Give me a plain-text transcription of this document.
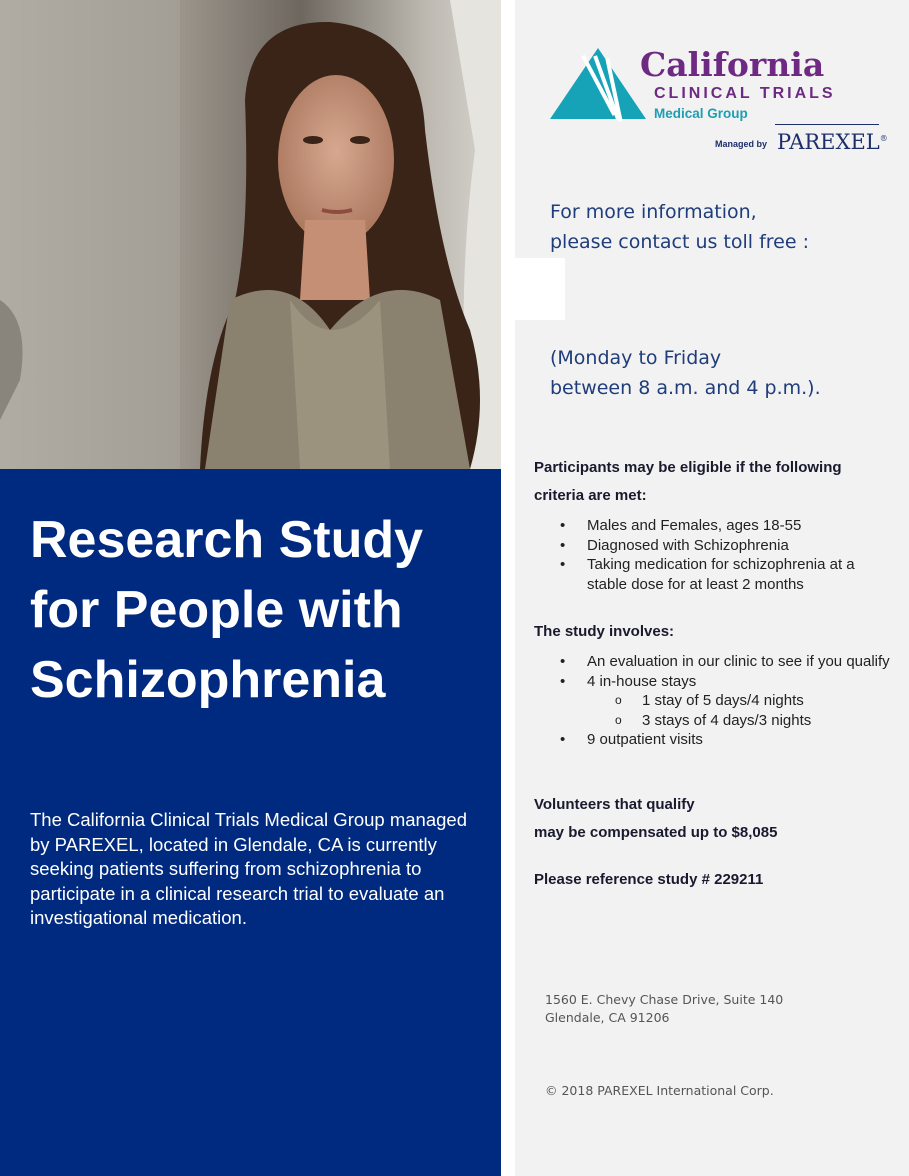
Research Study
for People with
Schizophrenia

The California Clinical Trials Medical Group managed by PAREXEL, located in Glendale, CA is currently seeking patients suffering from schizophrenia to participate in a clinical research trial to evaluate an investigational medication.

California

CLINICAL TRIALS

Medical Group

Managed by PAREXEL®

For more information,
please contact us toll free :

(Monday to Friday
between 8 a.m. and 4 p.m.).

Participants may be eligible if the following
criteria are met:

• Males and Females, ages 18-55
• Diagnosed with Schizophrenia
• Taking medication for schizophrenia at a stable dose for at least 2 months

The study involves:

• An evaluation in our clinic to see if you qualify
• 4 in-house stays
o 1 stay of 5 days/4 nights
o 3 stays of 4 days/3 nights
• 9 outpatient visits

Volunteers that qualify
may be compensated up to $8,085

Please reference study # 229211

1560 E. Chevy Chase Drive, Suite 140
Glendale, CA 91206

© 2018 PAREXEL International Corp.
